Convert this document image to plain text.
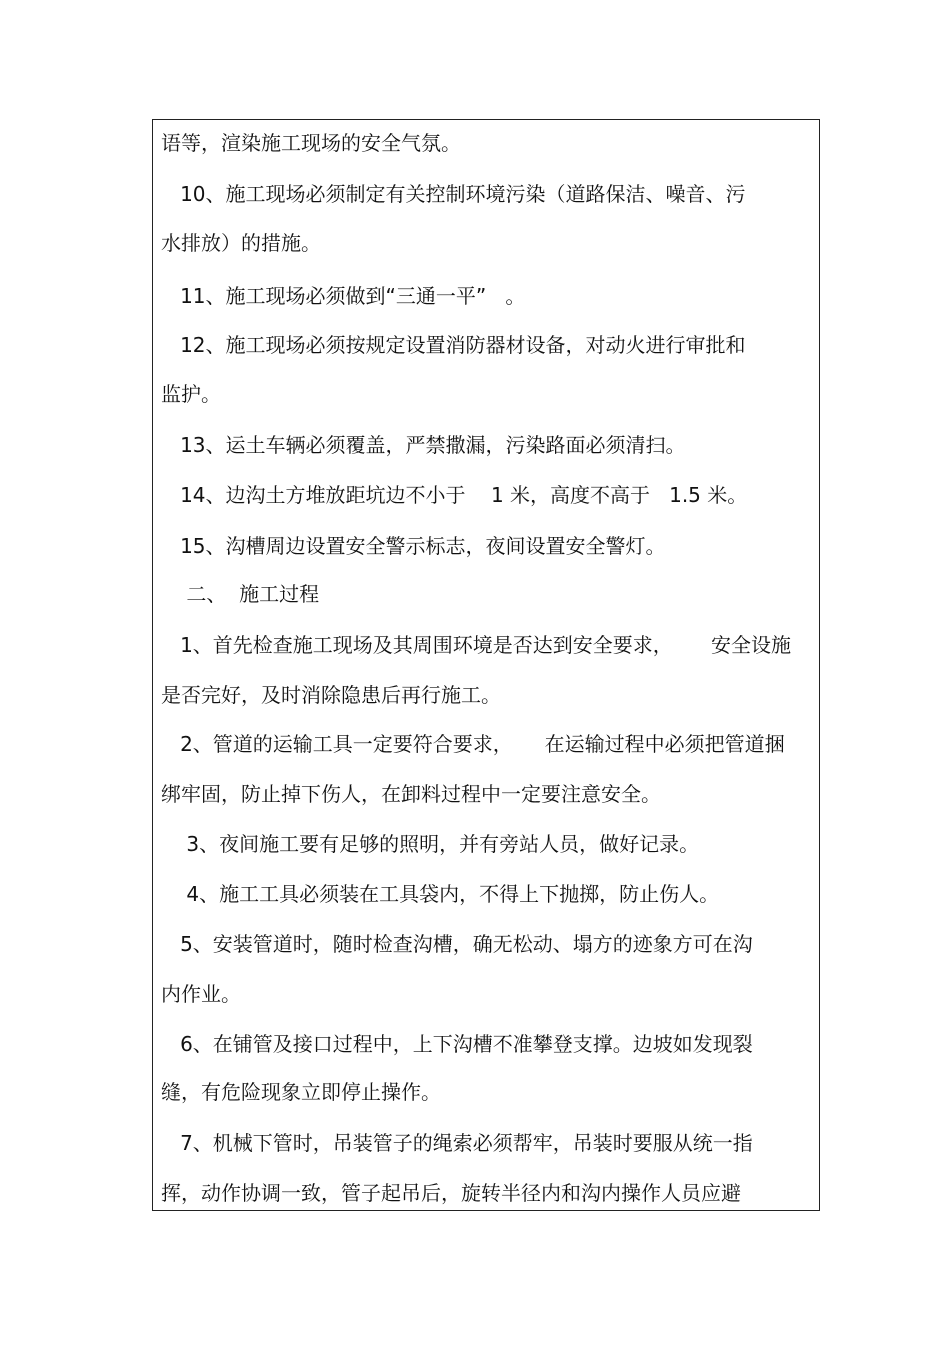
语等，渲染施工现场的安全气氛。
10、施工现场必须制定有关控制环境污染（道路保洁、噪音、污
水排放）的措施。
11、施工现场必须做到“三通一平”   。
12、施工现场必须按规定设置消防器材设备，对动火进行审批和
监护。
13、运土车辆必须覆盖，严禁撒漏，污染路面必须清扫。
14、边沟土方堆放距坑边不小于    1 米，高度不高于   1.5 米。
15、沟槽周边设置安全警示标志，夜间设置安全警灯。
二、  施工过程
1、首先检查施工现场及其周围环境是否达到安全要求，      安全设施
是否完好，及时消除隐患后再行施工。
2、管道的运输工具一定要符合要求，     在运输过程中必须把管道捆
绑牢固，防止掉下伤人，在卸料过程中一定要注意安全。
3、夜间施工要有足够的照明，并有旁站人员，做好记录。
4、施工工具必须装在工具袋内，不得上下抛掷，防止伤人。
5、安装管道时，随时检查沟槽，确无松动、塌方的迹象方可在沟
内作业。
6、在铺管及接口过程中，上下沟槽不准攀登支撑。边坡如发现裂
缝，有危险现象立即停止操作。
7、机械下管时，吊装管子的绳索必须帮牢，吊装时要服从统一指
挥，动作协调一致，管子起吊后，旋转半径内和沟内操作人员应避
